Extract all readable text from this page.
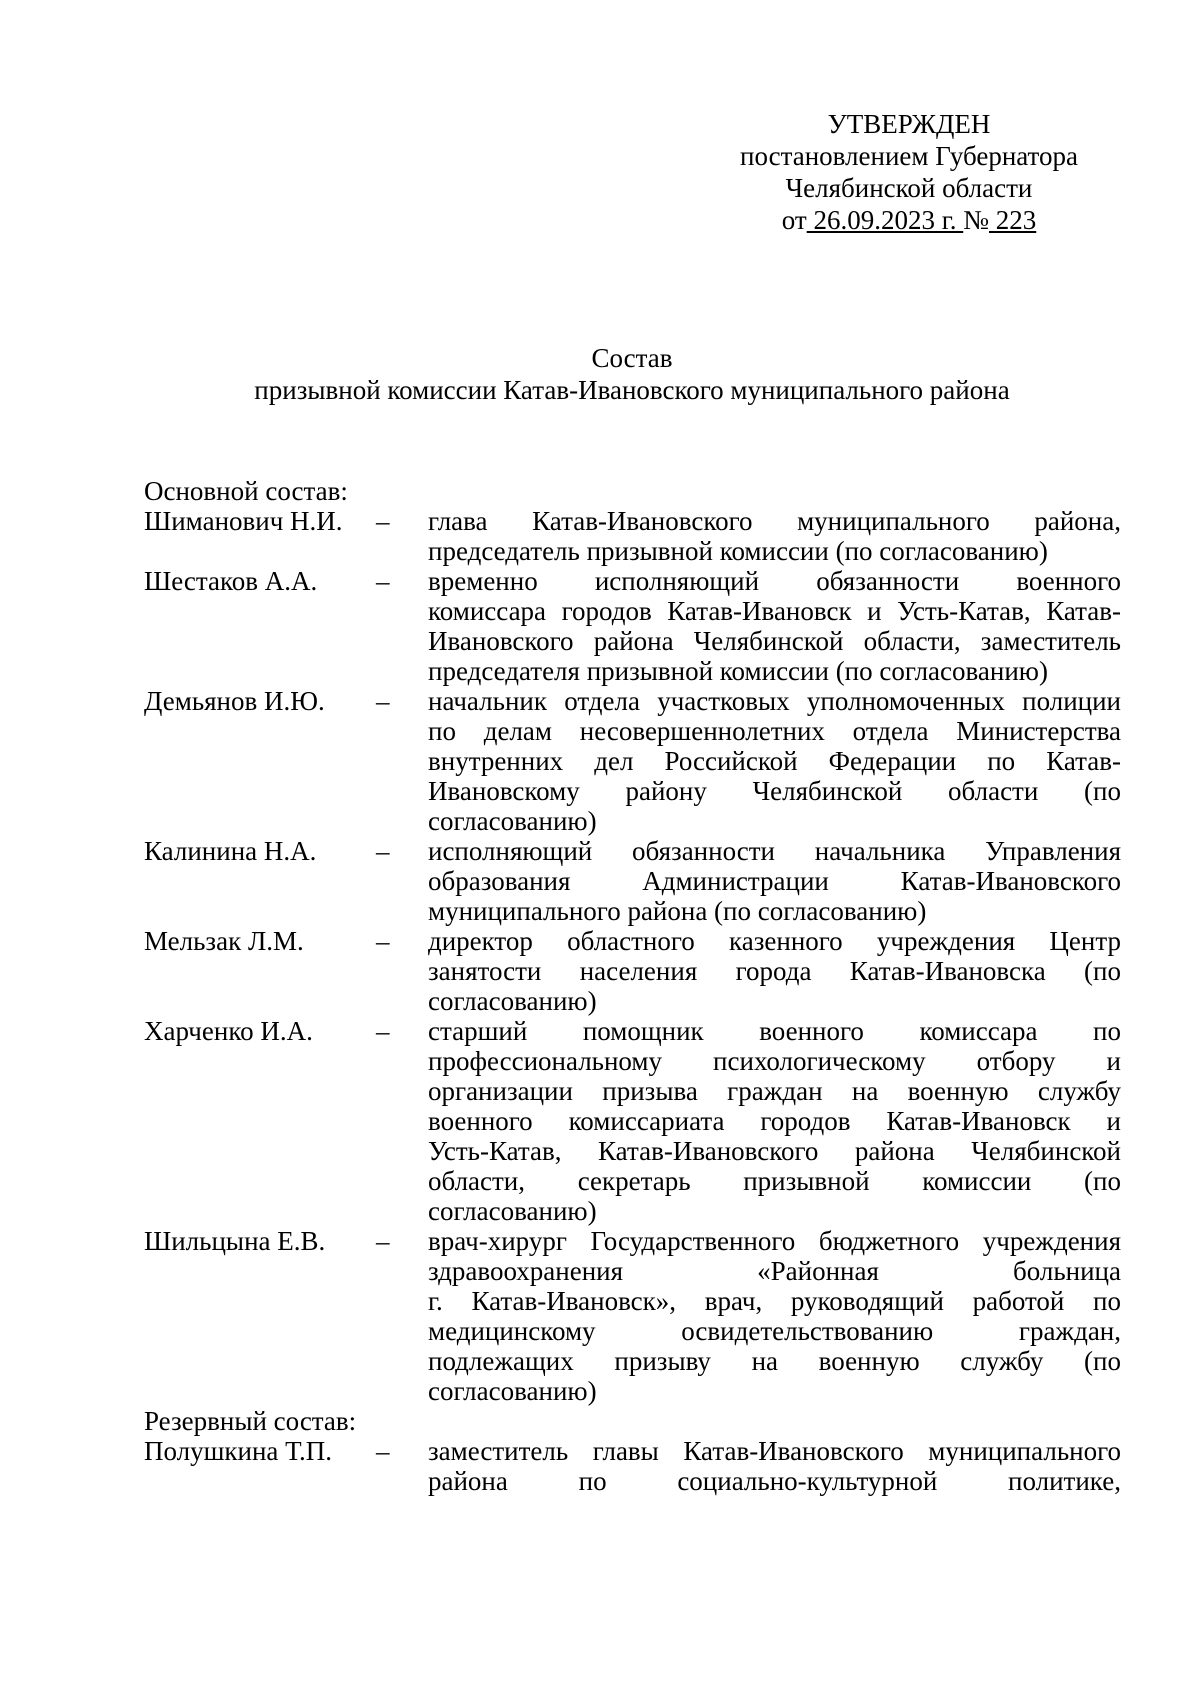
УТВЕРЖДЕН
постановлением Губернатора
Челябинской области
от 26.09.2023 г. № 223
Состав
призывной комиссии Катав-Ивановского муниципального района
Основной состав:
Шиманович Н.И.	–	глава Катав-Ивановского муниципального района,
председатель призывной комиссии (по согласованию)
Шестаков А.А.	–	временно исполняющий обязанности военного
комиссара городов Катав-Ивановск и Усть-Катав, Катав-
Ивановского района Челябинской области, заместитель
председателя призывной комиссии (по согласованию)
Демьянов И.Ю.	–	начальник отдела участковых уполномоченных полиции
по делам несовершеннолетних отдела Министерства
внутренних дел Российской Федерации по Катав-
Ивановскому району Челябинской области (по
согласованию)
Калинина Н.А.	–	исполняющий обязанности начальника Управления
образования Администрации Катав-Ивановского
муниципального района (по согласованию)
Мельзак Л.М.	–	директор областного казенного учреждения Центр
занятости населения города Катав-Ивановска (по
согласованию)
Харченко И.А.	–	старший помощник военного комиссара по
профессиональному психологическому отбору и
организации призыва граждан на военную службу
военного комиссариата городов Катав-Ивановск и
Усть-Катав, Катав-Ивановского района Челябинской
области, секретарь призывной комиссии (по
согласованию)
Шильцына Е.В.	–	врач-хирург Государственного бюджетного учреждения
здравоохранения «Районная больница
г. Катав-Ивановск», врач, руководящий работой по
медицинскому освидетельствованию граждан,
подлежащих призыву на военную службу (по
согласованию)
Резервный состав:
Полушкина Т.П.	–	заместитель главы Катав-Ивановского муниципального
района по социально-культурной политике,
